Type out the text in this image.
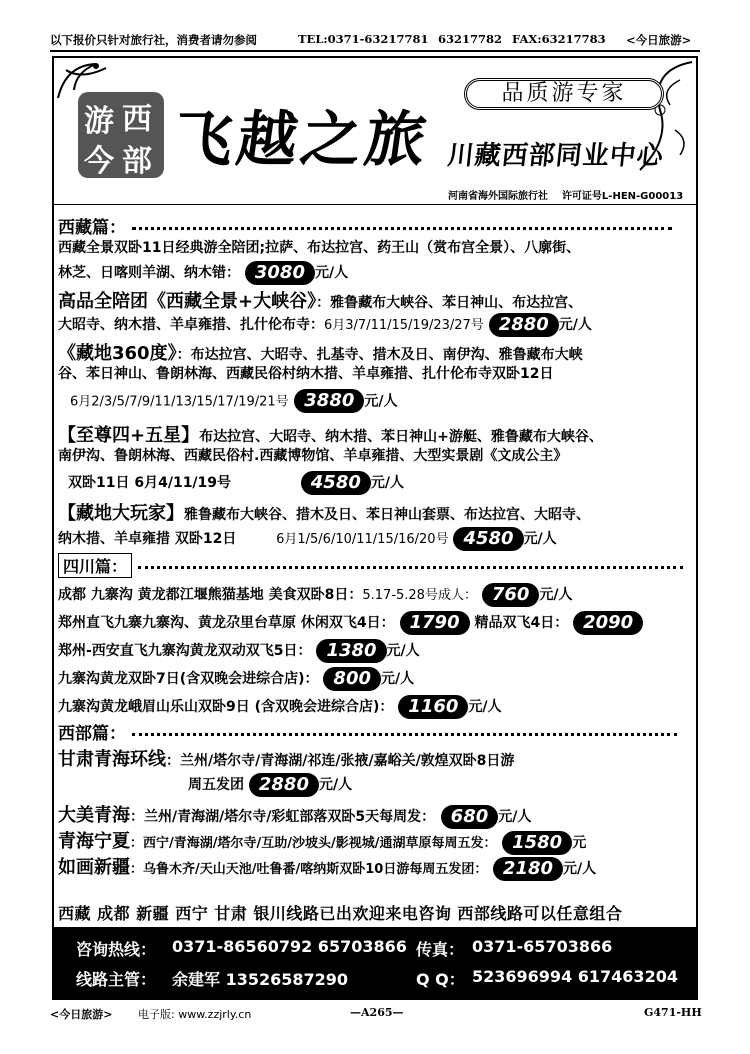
以下报价只针对旅行社，消费者请勿参阅	TEL:0371-63217781 63217782 FAX:63217783 <今日旅游>
游 西
今 部 飞越之旅
品质游专家
川藏西部同业中心
河南省海外国际旅行社 许可证号L-HEN-G00013
西藏篇：
西藏全景双卧11日经典游全陪团;拉萨、布达拉宫、药王山（赏布宫全景）、八廓街、
林芝、日喀则羊湖、纳木错： 3080 元/人
高品全陪团《西藏全景+大峡谷》：雅鲁藏布大峡谷、苯日神山、布达拉宫、
大昭寺、纳木措、羊卓雍措、扎什伦布寺：6月3/7/11/15/19/23/27号 2880 元/人
《藏地360度》：布达拉宫、大昭寺、扎基寺、措木及日、南伊沟、雅鲁藏布大峡
谷、苯日神山、鲁朗林海、西藏民俗村纳木措、羊卓雍措、扎什伦布寺双卧12日
6月2/3/5/7/9/11/13/15/17/19/21号 3880 元/人
【至尊四+五星】布达拉宫、大昭寺、纳木措、苯日神山+游艇、雅鲁藏布大峡谷、
南伊沟、鲁朗林海、西藏民俗村.西藏博物馆、羊卓雍措、大型实景剧《文成公主》
双卧11日 6月4/11/19号	4580 元/人
【藏地大玩家】雅鲁藏布大峡谷、措木及日、苯日神山套票、布达拉宫、大昭寺、
纳木措、羊卓雍措 双卧12日	6月1/5/6/10/11/15/16/20号 4580 元/人
四川篇：
成都 九寨沟 黄龙都江堰熊猫基地 美食双卧8日：5.17-5.28号成人： 760 元/人
郑州直飞九寨九寨沟、黄龙尕里台草原 休闲双飞4日： 1790 精品双飞4日： 2090
郑州-西安直飞九寨沟黄龙双动双飞5日： 1380 元/人
九寨沟黄龙双卧7日(含双晚会进综合店)： 800 元/人
九寨沟黄龙峨眉山乐山双卧9日 (含双晚会进综合店)： 1160 元/人
西部篇：
甘肃青海环线：兰州/塔尔寺/青海湖/祁连/张掖/嘉峪关/敦煌双卧8日游
周五发团 2880 元/人
大美青海：兰州/青海湖/塔尔寺/彩虹部落双卧5天每周发： 680 元/人
青海宁夏：西宁/青海湖/塔尔寺/互助/沙坡头/影视城/通湖草原每周五发： 1580 元
如画新疆：乌鲁木齐/天山天池/吐鲁番/喀纳斯双卧10日游每周五发团： 2180 元/人
西藏 成都 新疆 西宁 甘肃 银川线路已出欢迎来电咨询 西部线路可以任意组合
咨询热线： 0371-86560792 65703866 传真： 0371-65703866
线路主管： 余建军 13526587290	Q Q： 523696994 617463204
<今日旅游> 电子版: www.zzjrly.cn	—A265—	G471-HH
